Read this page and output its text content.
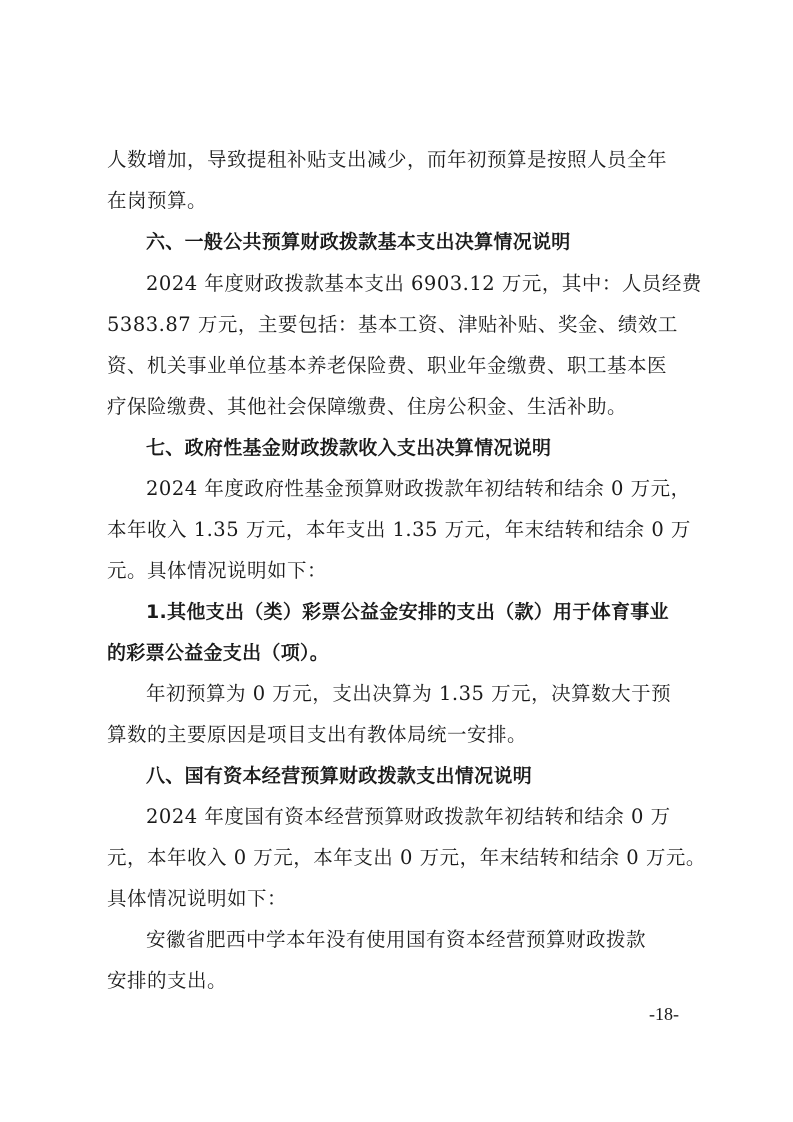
人数增加，导致提租补贴支出减少，而年初预算是按照人员全年
在岗预算。
六、一般公共预算财政拨款基本支出决算情况说明
2024 年度财政拨款基本支出 6903.12 万元，其中：人员经费
5383.87 万元，主要包括：基本工资、津贴补贴、奖金、绩效工
资、机关事业单位基本养老保险费、职业年金缴费、职工基本医
疗保险缴费、其他社会保障缴费、住房公积金、生活补助。
七、政府性基金财政拨款收入支出决算情况说明
2024 年度政府性基金预算财政拨款年初结转和结余 0 万元，
本年收入 1.35 万元，本年支出 1.35 万元，年末结转和结余 0 万
元。具体情况说明如下：
1.其他支出（类）彩票公益金安排的支出（款）用于体育事业
的彩票公益金支出（项）。
年初预算为 0 万元，支出决算为 1.35 万元，决算数大于预
算数的主要原因是项目支出有教体局统一安排。
八、国有资本经营预算财政拨款支出情况说明
2024 年度国有资本经营预算财政拨款年初结转和结余 0 万
元，本年收入 0 万元，本年支出 0 万元，年末结转和结余 0 万元。
具体情况说明如下：
安徽省肥西中学本年没有使用国有资本经营预算财政拨款
安排的支出。
-18-
